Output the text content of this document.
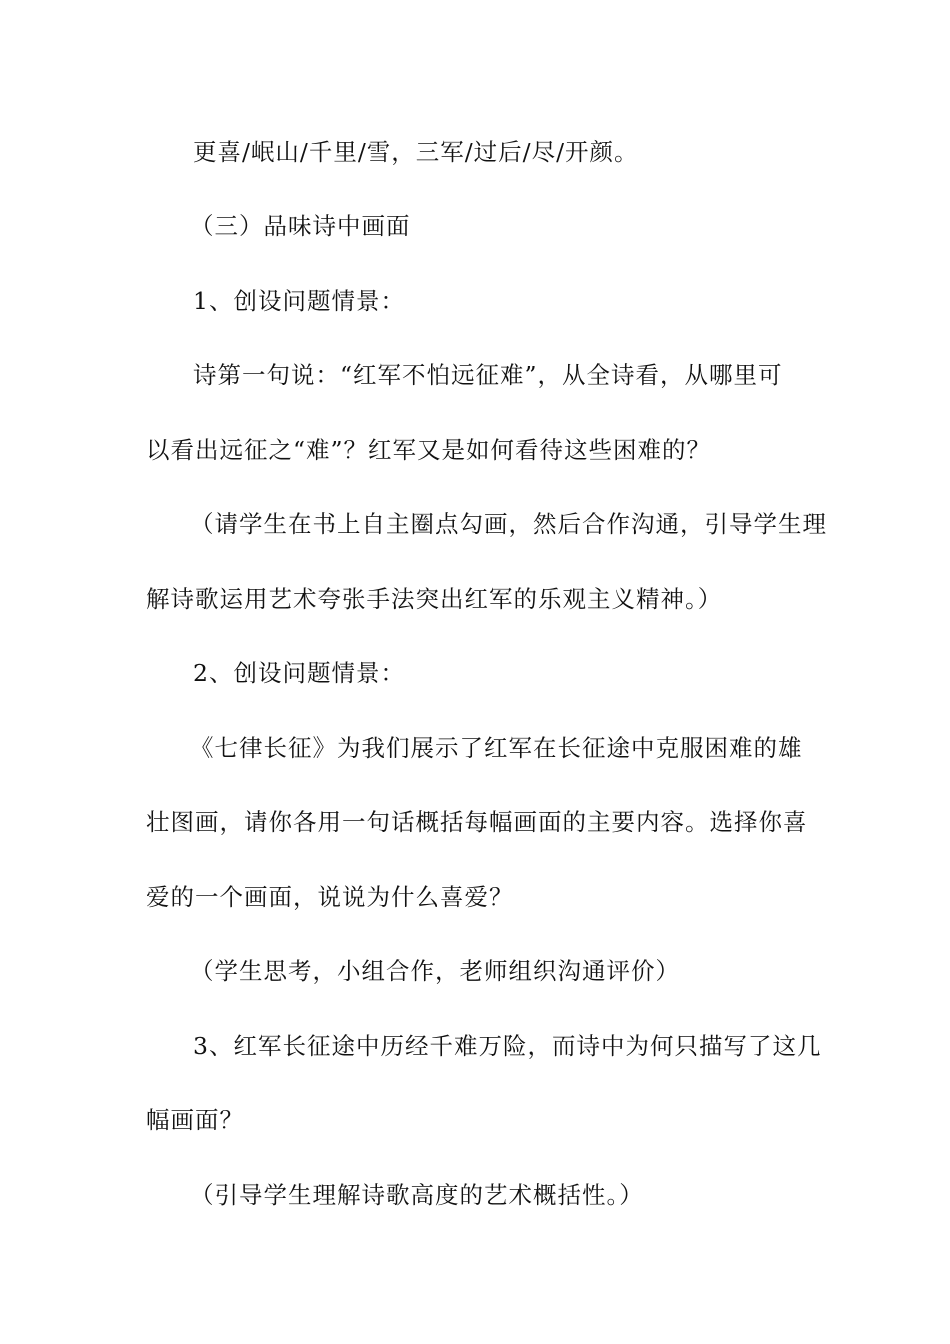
更喜/岷山/千里/雪，三军/过后/尽/开颜。
（三）品味诗中画面
1、创设问题情景：
诗第一句说：“红军不怕远征难”，从全诗看，从哪里可
以看出远征之“难”？红军又是如何看待这些困难的？
（请学生在书上自主圈点勾画，然后合作沟通，引导学生理
解诗歌运用艺术夸张手法突出红军的乐观主义精神。）
2、创设问题情景：
《七律长征》为我们展示了红军在长征途中克服困难的雄
壮图画，请你各用一句话概括每幅画面的主要内容。选择你喜
爱的一个画面，说说为什么喜爱？
（学生思考，小组合作，老师组织沟通评价）
3、红军长征途中历经千难万险，而诗中为何只描写了这几
幅画面？
（引导学生理解诗歌高度的艺术概括性。）
